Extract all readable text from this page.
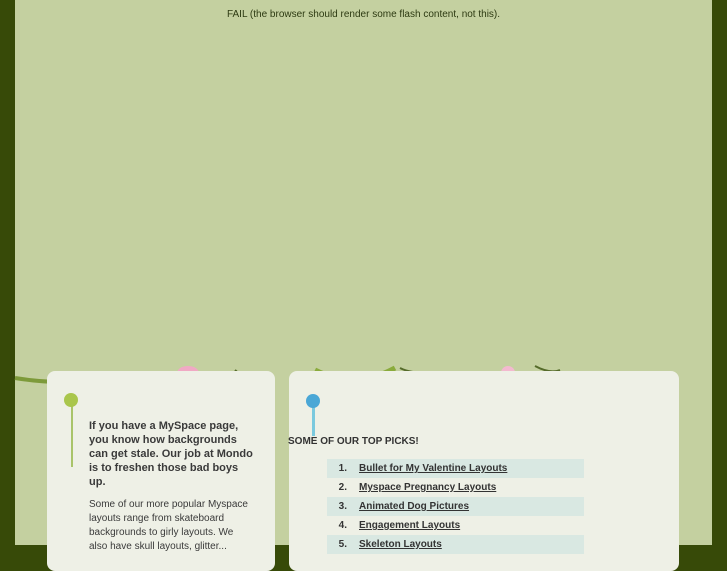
FAIL (the browser should render some flash content, not this).
If you have a MySpace page, you know how backgrounds can get stale. Our job at Mondo is to freshen those bad boys up.
Some of our more popular Myspace layouts range from skateboard backgrounds to girly layouts. We also have skull layouts, glitter...
SOME OF OUR TOP PICKS!
1.	Bullet for My Valentine Layouts
2.	Myspace Pregnancy Layouts
3.	Animated Dog Pictures
4.	Engagement Layouts
5.	Skeleton Layouts
